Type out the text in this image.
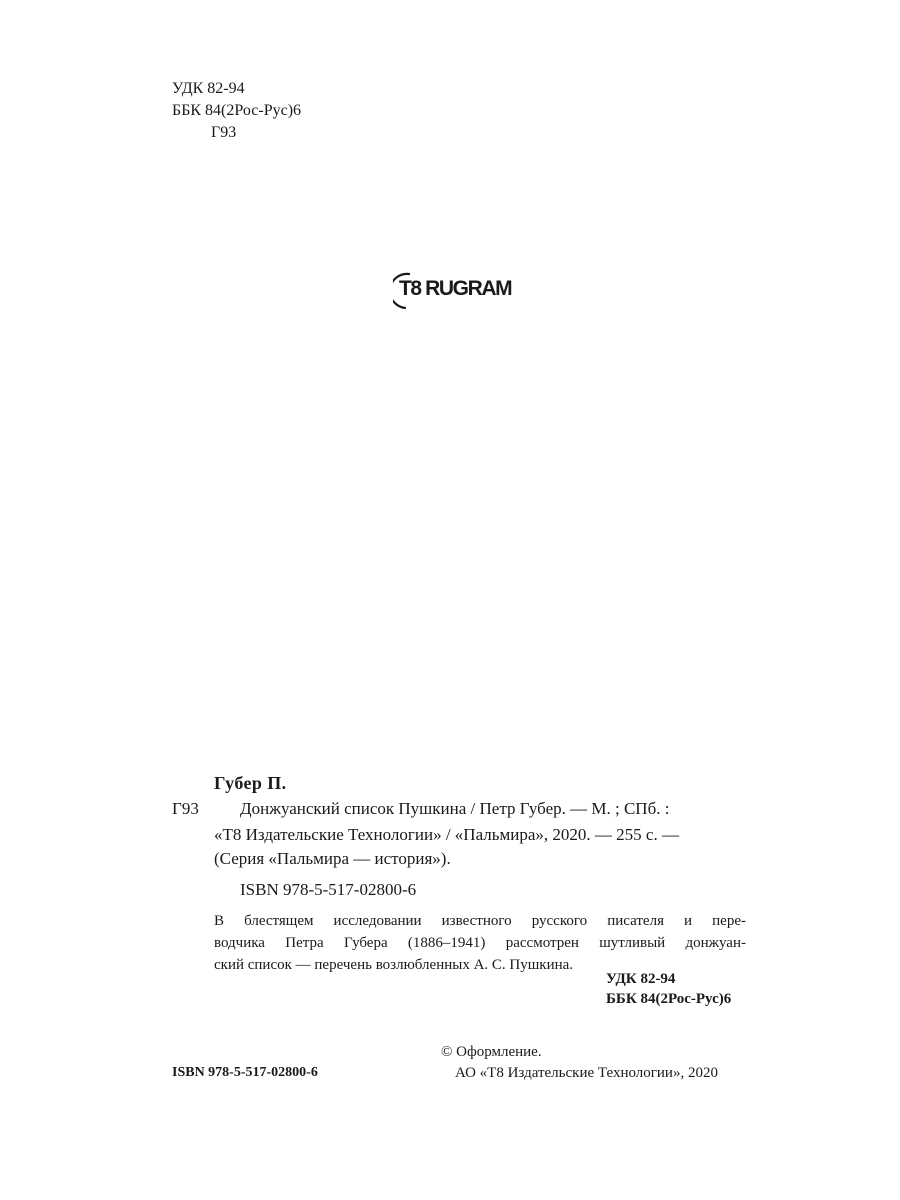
УДК 82-94
ББК 84(2Рос-Рус)6
Г93
T8 RUGRAM
Губер П.
Г93 Донжуанский список Пушкина / Петр Губер. — М. ; СПб. :
«Т8 Издательские Технологии» / «Пальмира», 2020. — 255 с. —
(Серия «Пальмира — история»).
ISBN 978-5-517-02800-6
В блестящем исследовании известного русского писателя и пере-
водчика Петра Губера (1886–1941) рассмотрен шутливый донжуан-
ский список — перечень возлюбленных А. С. Пушкина.
УДК 82-94
ББК 84(2Рос-Рус)6
© Оформление.
ISBN 978-5-517-02800-6	АО «Т8 Издательские Технологии», 2020
